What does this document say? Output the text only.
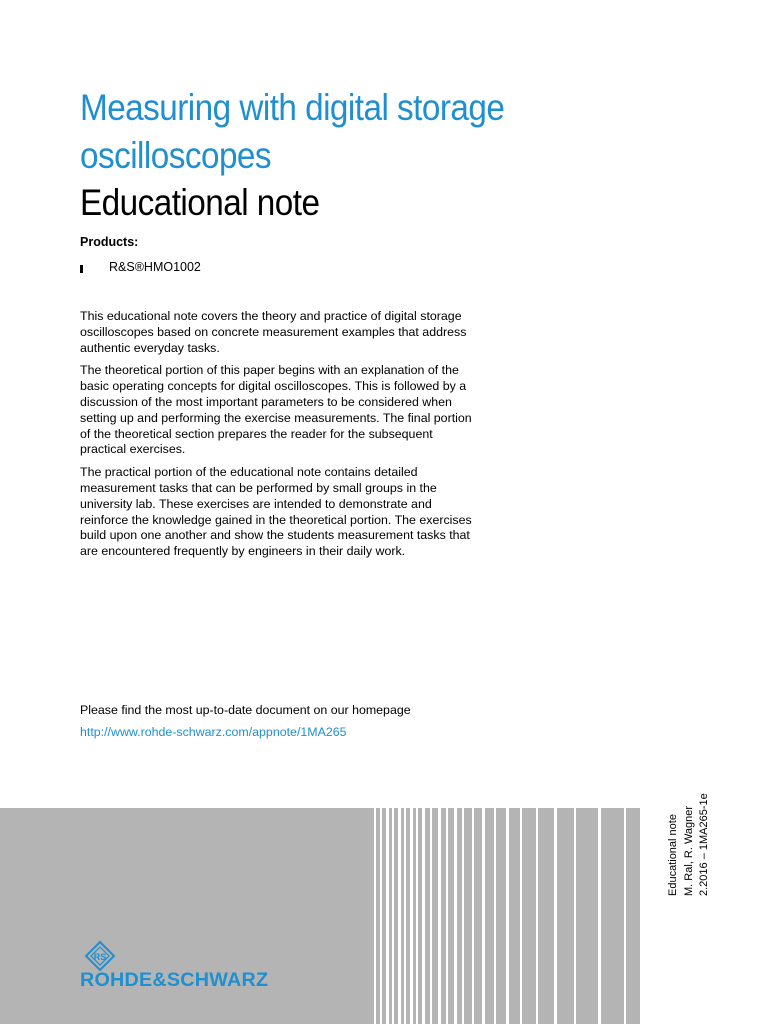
Measuring with digital storage
oscilloscopes
Educational note
Products:
R&S®HMO1002

This educational note covers the theory and practice of digital storage oscilloscopes based on concrete measurement examples that address authentic everyday tasks.

The theoretical portion of this paper begins with an explanation of the basic operating concepts for digital oscilloscopes. This is followed by a discussion of the most important parameters to be considered when setting up and performing the exercise measurements. The final portion of the theoretical section prepares the reader for the subsequent practical exercises.

The practical portion of the educational note contains detailed measurement tasks that can be performed by small groups in the university lab. These exercises are intended to demonstrate and reinforce the knowledge gained in the theoretical portion. The exercises build upon one another and show the students measurement tasks that are encountered frequently by engineers in their daily work.

Please find the most up-to-date document on our homepage
http://www.rohde-schwarz.com/appnote/1MA265
RS
ROHDE&SCHWARZ
Educational note M. Ral, R. Wagner 2.2016 – 1MA265-1e
